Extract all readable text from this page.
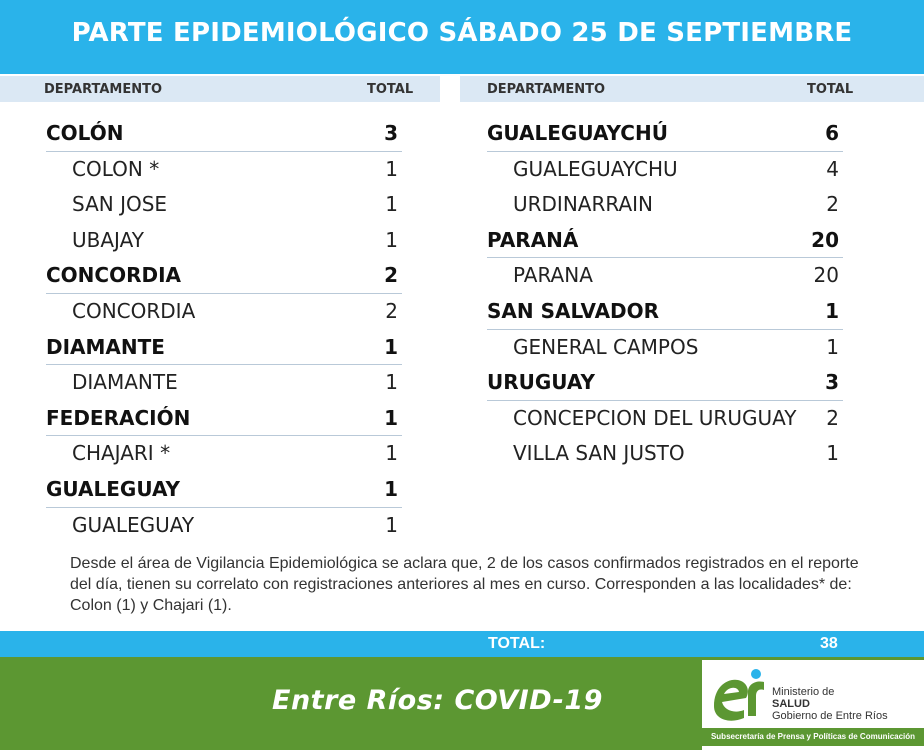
PARTE EPIDEMIOLÓGICO SÁBADO 25 DE SEPTIEMBRE
DEPARTAMENTO	TOTAL	DEPARTAMENTO	TOTAL
COLÓN	3
COLON *	1
SAN JOSE	1
UBAJAY	1
CONCORDIA	2
CONCORDIA	2
DIAMANTE	1
DIAMANTE	1
FEDERACIÓN	1
CHAJARI *	1
GUALEGUAY	1
GUALEGUAY	1
GUALEGUAYCHÚ	6
GUALEGUAYCHU	4
URDINARRAIN	2
PARANÁ	20
PARANA	20
SAN SALVADOR	1
GENERAL CAMPOS	1
URUGUAY	3
CONCEPCION DEL URUGUAY 2
VILLA SAN JUSTO	1
Desde el área de Vigilancia Epidemiológica se aclara que, 2 de los casos confirmados registrados en el reporte del día, tienen su correlato con registraciones anteriores al mes en curso. Corresponden a las localidades* de: Colon (1) y Chajari (1).
TOTAL:	38
Entre Ríos: COVID-19	Ministerio de
SALUD
Gobierno de Entre Ríos
Subsecretaría de Prensa y Políticas de Comunicación
